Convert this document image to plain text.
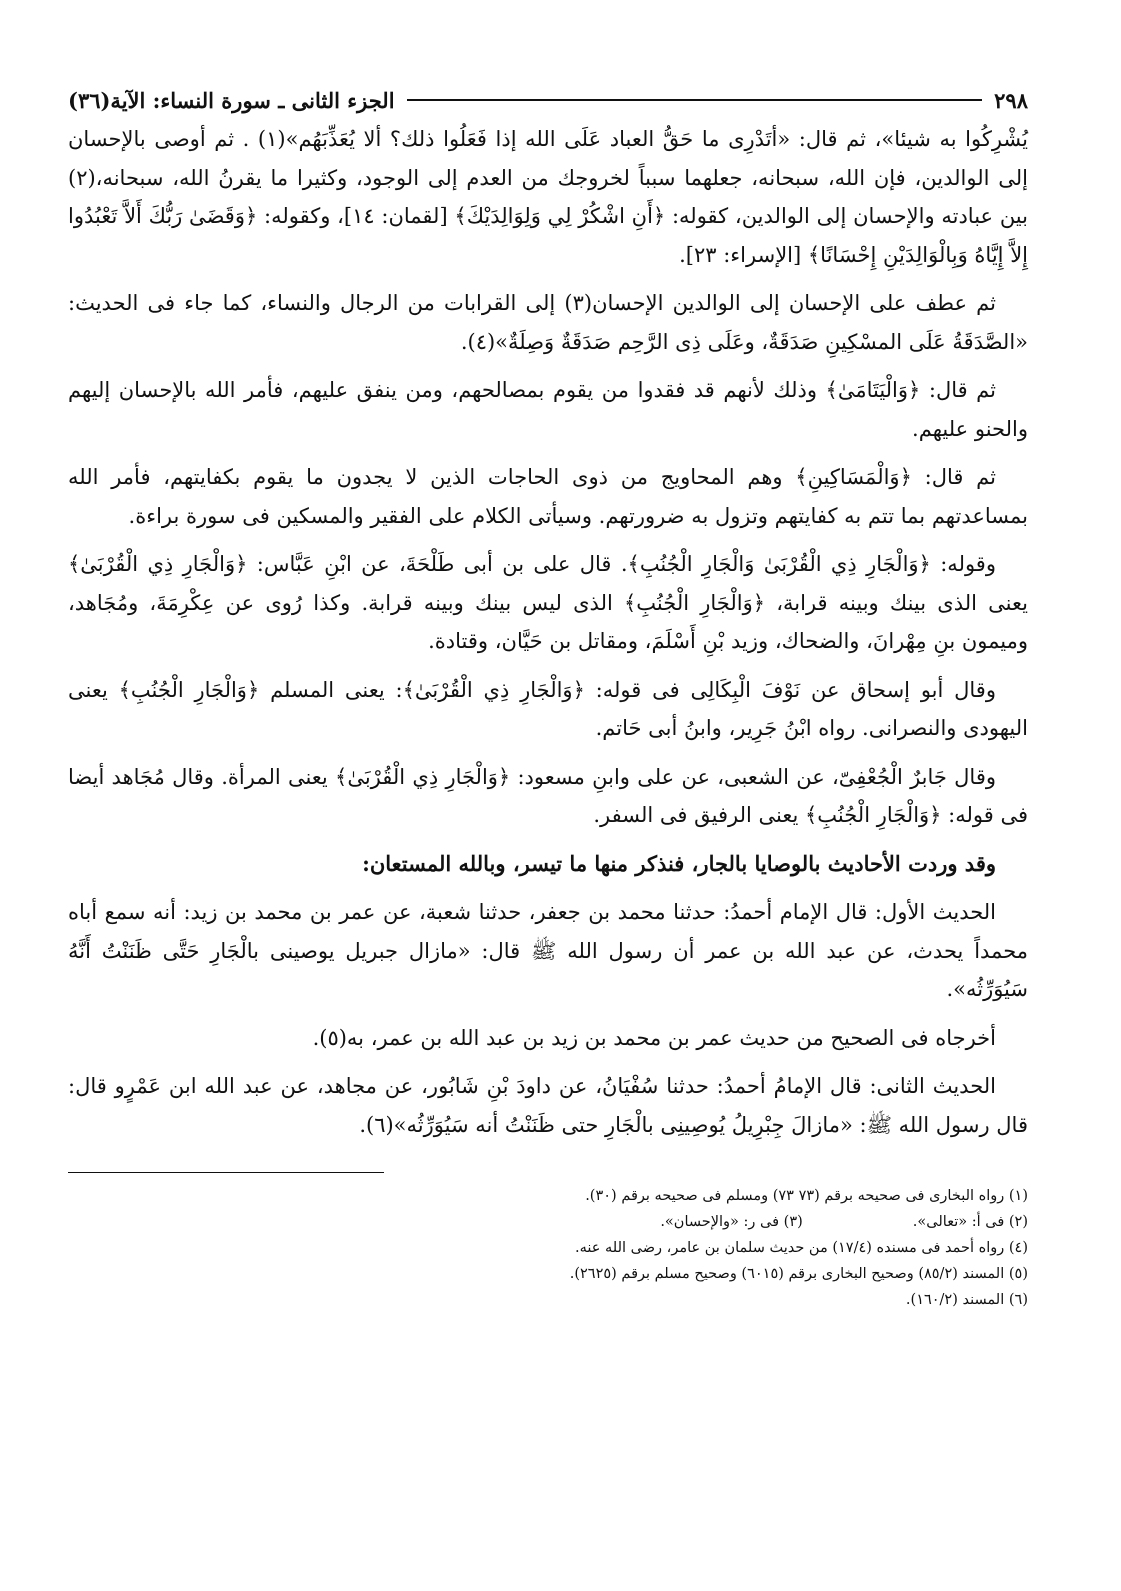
٢٩٨
الجزء الثانى ـ سورة النساء: الآية(٣٦)

يُشْرِكُوا به شيئا»، ثم قال: «أتَدْرِى ما حَقُّ العباد عَلَى الله إذا فَعَلُوا ذلك؟ ألا يُعَذِّبَهُم»(١) . ثم أوصى بالإحسان إلى الوالدين، فإن الله، سبحانه، جعلهما سبباً لخروجك من العدم إلى الوجود، وكثيرا ما يقرنُ الله، سبحانه،(٢) بين عبادته والإحسان إلى الوالدين، كقوله: ﴿أَنِ اشْكُرْ لِي وَلِوَالِدَيْكَ﴾ [لقمان: ١٤]، وكقوله: ﴿وَقَضَىٰ رَبُّكَ أَلاَّ تَعْبُدُوا إِلاَّ إِيَّاهُ وَبِالْوَالِدَيْنِ إِحْسَانًا﴾ [الإسراء: ٢٣].

ثم عطف على الإحسان إلى الوالدين الإحسان(٣) إلى القرابات من الرجال والنساء، كما جاء فى الحديث: «الصَّدَقَةُ عَلَى المسْكِينِ صَدَقَةٌ، وعَلَى ذِى الرَّحِم صَدَقَةٌ وَصِلَةٌ»(٤).

ثم قال: ﴿وَالْيَتَامَىٰ﴾ وذلك لأنهم قد فقدوا من يقوم بمصالحهم، ومن ينفق عليهم، فأمر الله بالإحسان إليهم والحنو عليهم.

ثم قال: ﴿وَالْمَسَاكِينِ﴾ وهم المحاويج من ذوى الحاجات الذين لا يجدون ما يقوم بكفايتهم، فأمر الله بمساعدتهم بما تتم به كفايتهم وتزول به ضرورتهم. وسيأتى الكلام على الفقير والمسكين فى سورة براءة.

وقوله: ﴿وَالْجَارِ ذِي الْقُرْبَىٰ وَالْجَارِ الْجُنُبِ﴾. قال على بن أبى طَلْحَةَ، عن ابْنِ عَبَّاس: ﴿وَالْجَارِ ذِي الْقُرْبَىٰ﴾ يعنى الذى بينك وبينه قرابة، ﴿وَالْجَارِ الْجُنُبِ﴾ الذى ليس بينك وبينه قرابة. وكذا رُوى عن عِكْرِمَةَ، ومُجَاهد، وميمون بنِ مِهْرانَ، والضحاك، وزيد بْنِ أَسْلَمَ، ومقاتل بن حَيَّان، وقتادة.

وقال أبو إسحاق عن نَوْفَ الْبِكَالِى فى قوله: ﴿وَالْجَارِ ذِي الْقُرْبَىٰ﴾: يعنى المسلم ﴿وَالْجَارِ الْجُنُبِ﴾ يعنى اليهودى والنصرانى. رواه ابْنُ جَرِير، وابنُ أبى حَاتم.

وقال جَابرٌ الْجُعْفِىّ، عن الشعبى، عن على وابنِ مسعود: ﴿وَالْجَارِ ذِي الْقُرْبَىٰ﴾ يعنى المرأة. وقال مُجَاهد أيضا فى قوله: ﴿وَالْجَارِ الْجُنُبِ﴾ يعنى الرفيق فى السفر.

وقد وردت الأحاديث بالوصايا بالجار، فنذكر منها ما تيسر، وبالله المستعان:

الحديث الأول: قال الإمام أحمدُ: حدثنا محمد بن جعفر، حدثنا شعبة، عن عمر بن محمد بن زيد: أنه سمع أباه محمداً يحدث، عن عبد الله بن عمر أن رسول الله ﷺ قال: «مازال جبريل يوصينى بالْجَارِ حَتَّى ظَنَنْتُ أَنَّهُ سَيُوَرِّثُه».

أخرجاه فى الصحيح من حديث عمر بن محمد بن زيد بن عبد الله بن عمر، به(٥).

الحديث الثانى: قال الإمامُ أحمدُ: حدثنا سُفْيَانُ، عن داودَ بْنِ شَابُور، عن مجاهد، عن عبد الله ابن عَمْرٍو قال: قال رسول الله ﷺ: «مازالَ جِبْرِيلُ يُوصِينِى بالْجَارِ حتى ظَنَنْتُ أنه سَيُوَرِّثُه»(٦).

(١) رواه البخارى فى صحيحه برقم (٧٣ ٧٣) ومسلم فى صحيحه برقم (٣٠).
(٢) فى أ: «تعالى».
(٣) فى ر: «والإحسان».
(٤) رواه أحمد فى مسنده (١٧/٤) من حديث سلمان بن عامر، رضى الله عنه.
(٥) المسند (٨٥/٢) وصحيح البخارى برقم (٦٠١٥) وصحيح مسلم برقم (٢٦٢٥).
(٦) المسند (١٦٠/٢).
